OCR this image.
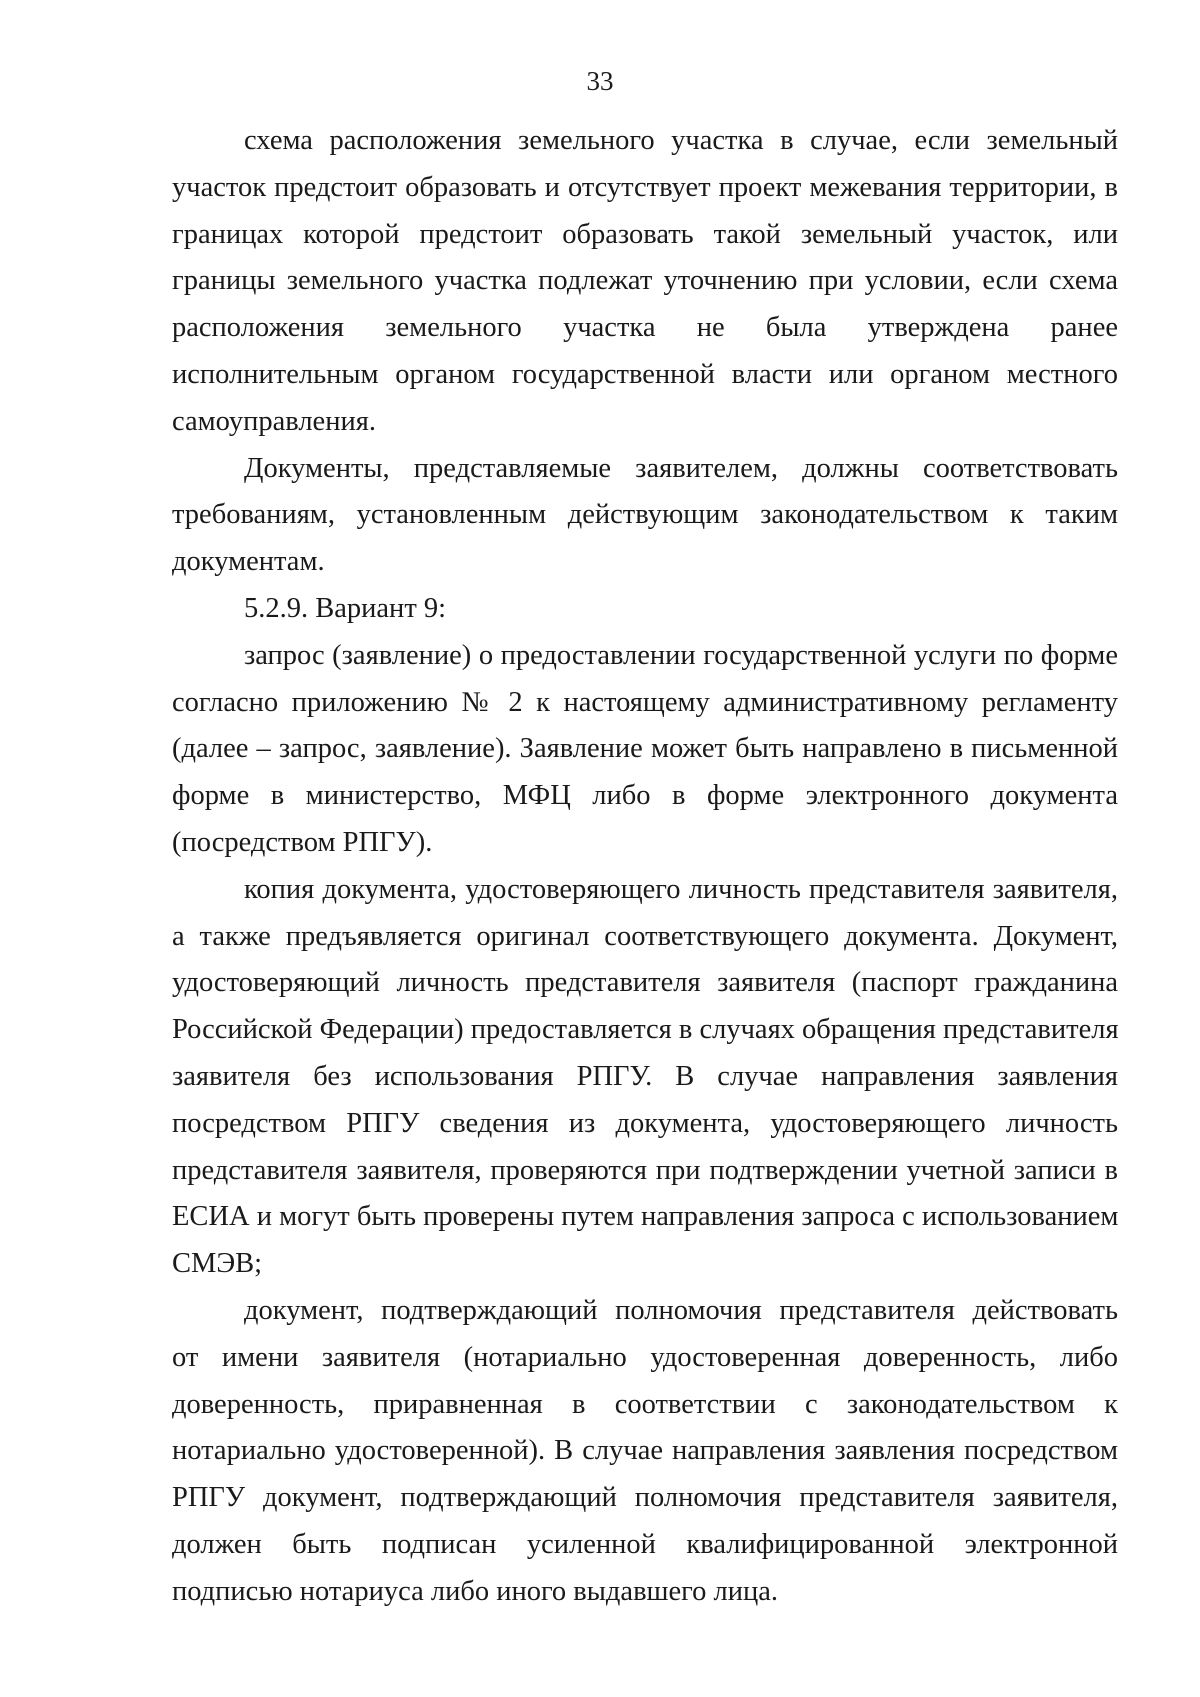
33
схема расположения земельного участка в случае, если земельный
участок предстоит образовать и отсутствует проект межевания территории, в
границах которой предстоит образовать такой земельный участок, или
границы земельного участка подлежат уточнению при условии, если схема
расположения земельного участка не была утверждена ранее
исполнительным органом государственной власти или органом местного
самоуправления.
Документы, представляемые заявителем, должны соответствовать
требованиям, установленным действующим законодательством к таким
документам.
5.2.9. Вариант 9:
запрос (заявление) о предоставлении государственной услуги по форме
согласно приложению № 2 к настоящему административному регламенту
(далее – запрос, заявление). Заявление может быть направлено в письменной
форме в министерство, МФЦ либо в форме электронного документа
(посредством РПГУ).
копия документа, удостоверяющего личность представителя заявителя,
а также предъявляется оригинал соответствующего документа. Документ,
удостоверяющий личность представителя заявителя (паспорт гражданина
Российской Федерации) предоставляется в случаях обращения представителя
заявителя без использования РПГУ. В случае направления заявления
посредством РПГУ сведения из документа, удостоверяющего личность
представителя заявителя, проверяются при подтверждении учетной записи в
ЕСИА и могут быть проверены путем направления запроса с использованием
СМЭВ;
документ, подтверждающий полномочия представителя действовать
от имени заявителя (нотариально удостоверенная доверенность, либо
доверенность, приравненная в соответствии с законодательством к
нотариально удостоверенной). В случае направления заявления посредством
РПГУ документ, подтверждающий полномочия представителя заявителя,
должен быть подписан усиленной квалифицированной электронной
подписью нотариуса либо иного выдавшего лица.
